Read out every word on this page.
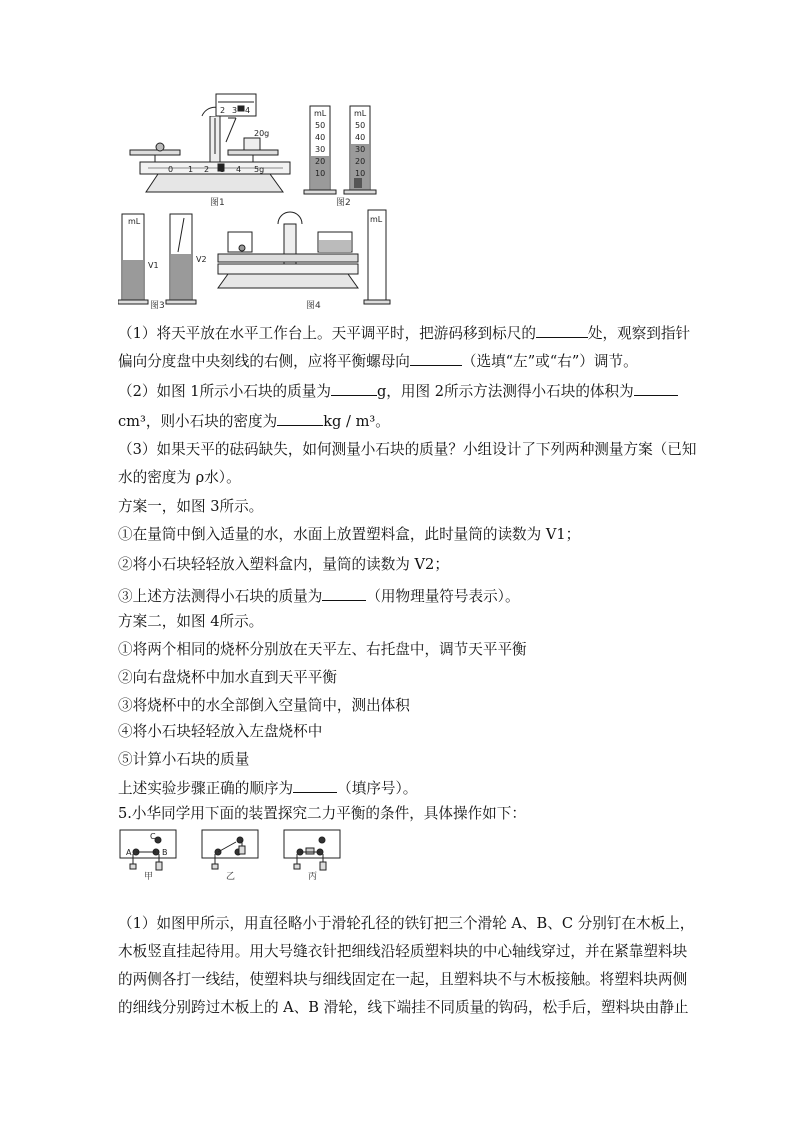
20g
0 1 2 3 4 5g
2 3 4
图1
mL
50
40
30
20
10
mL
50
40
30
20
10
图2
mL
V1
V2
图3
mL
图4
（1）将天平放在水平工作台上。天平调平时，把游码移到标尺的	处，观察到指针
偏向分度盘中央刻线的右侧，应将平衡螺母向	（选填“左”或“右”）调节。
（2）如图 1所示小石块的质量为	g，用图 2所示方法测得小石块的体积为
cm³，则小石块的密度为	kg / m³。
（3）如果天平的砝码缺失，如何测量小石块的质量？小组设计了下列两种测量方案（已知
水的密度为 ρ水）。
方案一，如图 3所示。
①在量筒中倒入适量的水，水面上放置塑料盒，此时量筒的读数为 V1；
②将小石块轻轻放入塑料盒内，量筒的读数为 V2；
③上述方法测得小石块的质量为	（用物理量符号表示）。
方案二，如图 4所示。
①将两个相同的烧杯分别放在天平左、右托盘中，调节天平平衡
②向右盘烧杯中加水直到天平平衡
③将烧杯中的水全部倒入空量筒中，测出体积
④将小石块轻轻放入左盘烧杯中
⑤计算小石块的质量
上述实验步骤正确的顺序为	（填序号）。
5.小华同学用下面的装置探究二力平衡的条件，具体操作如下：
A	B
C
甲	乙	丙
（1）如图甲所示，用直径略小于滑轮孔径的铁钉把三个滑轮 A、B、C 分别钉在木板上，
木板竖直挂起待用。用大号缝衣针把细线沿轻质塑料块的中心轴线穿过，并在紧靠塑料块
的两侧各打一线结，使塑料块与细线固定在一起，且塑料块不与木板接触。将塑料块两侧
的细线分别跨过木板上的 A、B 滑轮，线下端挂不同质量的钩码，松手后，塑料块由静止
